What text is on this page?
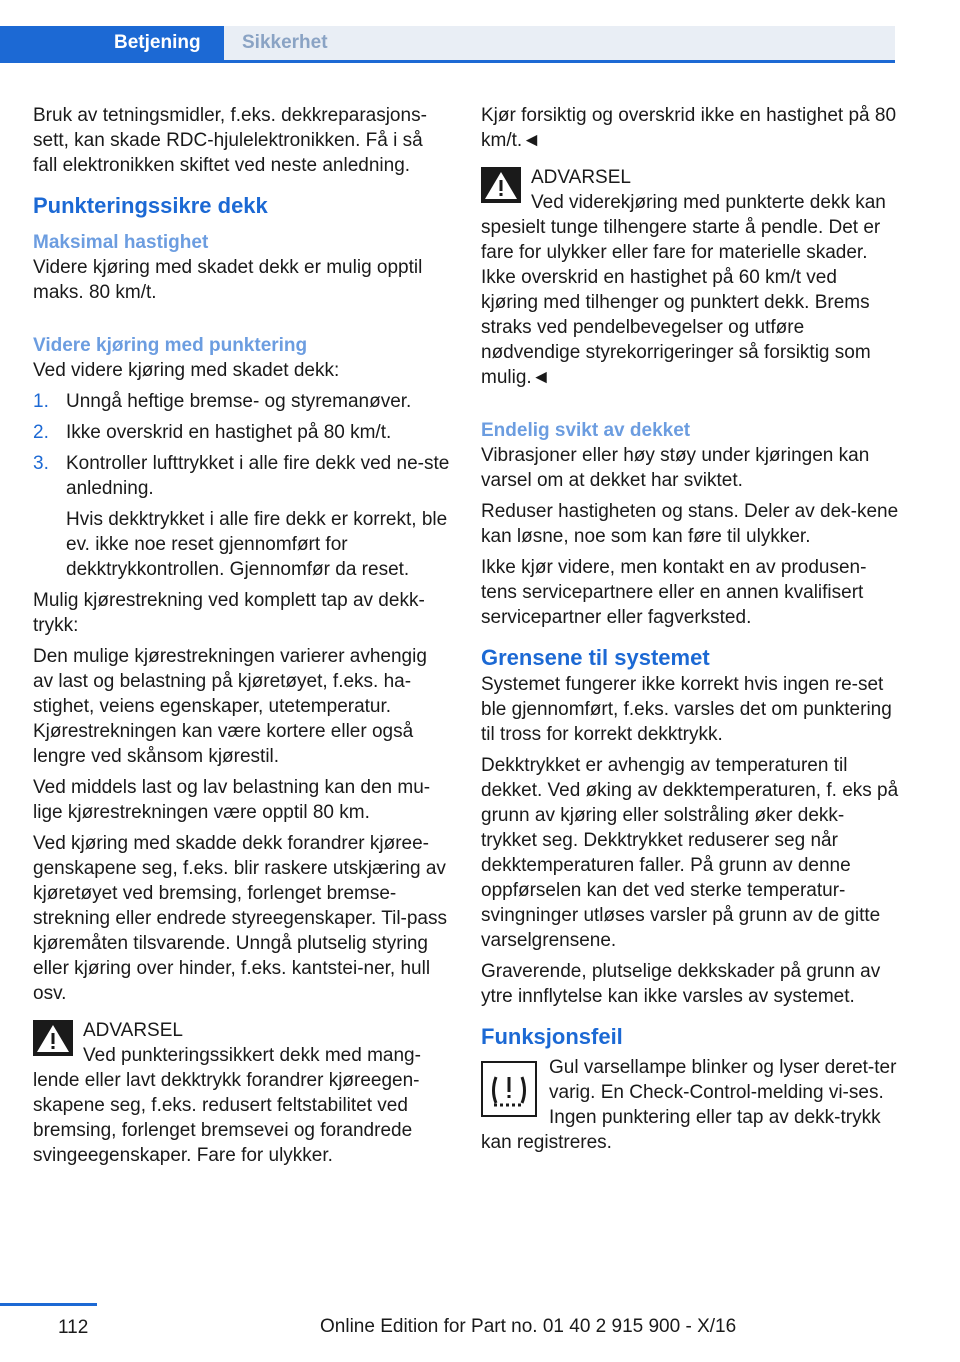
Betjening	Sikkerhet

Bruk av tetningsmidler, f.eks. dekkreparasjons-sett, kan skade RDC-hjulelektronikken. Få i så fall elektronikken skiftet ved neste anledning.

Punkteringssikre dekk
Maksimal hastighet

Videre kjøring med skadet dekk er mulig opptil maks. 80 km/t.

Videre kjøring med punktering

Ved videre kjøring med skadet dekk:

1. Unngå heftige bremse- og styremanøver.
2. Ikke overskrid en hastighet på 80 km/t.
3. Kontroller lufttrykket i alle fire dekk ved ne-ste anledning.
Hvis dekktrykket i alle fire dekk er korrekt, ble ev. ikke noe reset gjennomført for dekktrykkontrollen. Gjennomfør da reset.

Mulig kjørestrekning ved komplett tap av dekk-trykk:

Den mulige kjørestrekningen varierer avhengig av last og belastning på kjøretøyet, f.eks. ha-stighet, veiens egenskaper, utetemperatur. Kjørestrekningen kan være kortere eller også lengre ved skånsom kjørestil.

Ved middels last og lav belastning kan den mu-lige kjørestrekningen være opptil 80 km.

Ved kjøring med skadde dekk forandrer kjøree-genskapene seg, f.eks. blir raskere utskjæring av kjøretøyet ved bremsing, forlenget bremse-strekning eller endrede styreegenskaper. Til-pass kjøremåten tilsvarende. Unngå plutselig styring eller kjøring over hinder, f.eks. kantstei-ner, hull osv.

ADVARSEL
Ved punkteringssikkert dekk med mang-lende eller lavt dekktrykk forandrer kjøreegen-skapene seg, f.eks. redusert feltstabilitet ved bremsing, forlenget bremsevei og forandrede svingeegenskaper. Fare for ulykker.

Kjør forsiktig og overskrid ikke en hastighet på 80 km/t.◄

ADVARSEL
Ved viderekjøring med punkterte dekk kan spesielt tunge tilhengere starte å pendle. Det er fare for ulykker eller fare for materielle skader. Ikke overskrid en hastighet på 60 km/t ved kjøring med tilhenger og punktert dekk. Brems straks ved pendelbevegelser og utføre nødvendige styrekorrigeringer så forsiktig som mulig.◄
Endelig svikt av dekket

Vibrasjoner eller høy støy under kjøringen kan varsel om at dekket har sviktet.

Reduser hastigheten og stans. Deler av dek-kene kan løsne, noe som kan føre til ulykker.

Ikke kjør videre, men kontakt en av produsen-tens servicepartnere eller en annen kvalifisert servicepartner eller fagverksted.

Grensene til systemet

Systemet fungerer ikke korrekt hvis ingen re-set ble gjennomført, f.eks. varsles det om punktering til tross for korrekt dekktrykk.

Dekktrykket er avhengig av temperaturen til dekket. Ved øking av dekktemperaturen, f. eks på grunn av kjøring eller solstråling øker dekk-trykket seg. Dekktrykket reduserer seg når dekktemperaturen faller. På grunn av denne oppførselen kan det ved sterke temperatur-svingninger utløses varsler på grunn av de gitte varselgrensene.

Graverende, plutselige dekkskader på grunn av ytre innflytelse kan ikke varsles av systemet.

Funksjonsfeil
Gul varsellampe blinker og lyser deret-ter varig. En Check-Control-melding vi-ses. Ingen punktering eller tap av dekk-trykk kan registreres.
112	Online Edition for Part no. 01 40 2 915 900 - X/16
